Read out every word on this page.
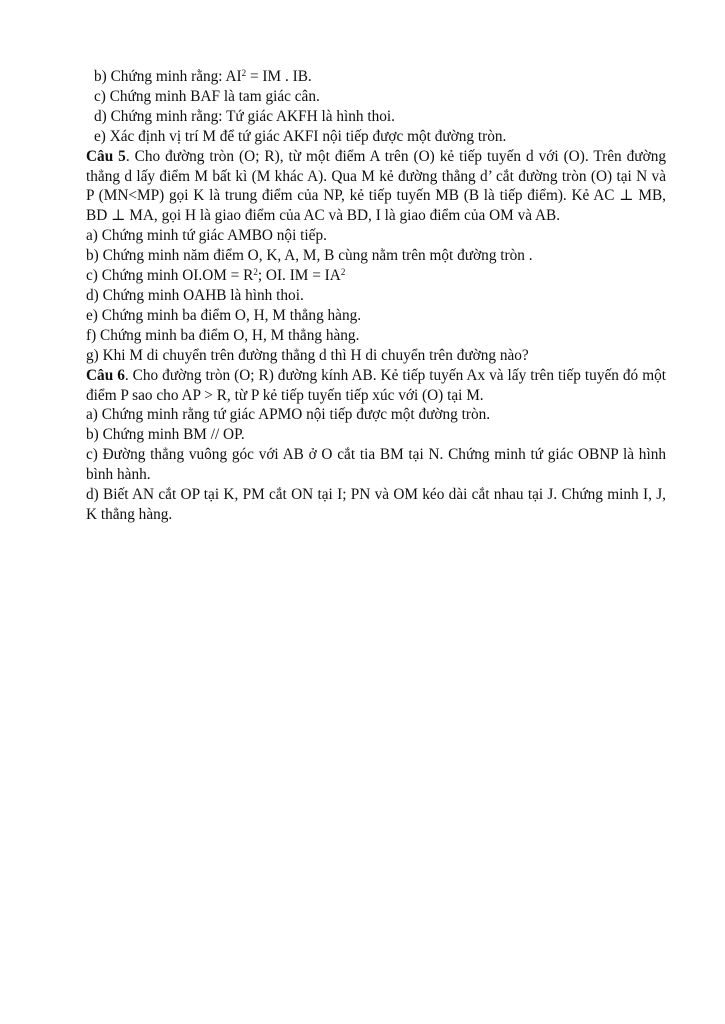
b) Chứng minh rằng: $AI^2$ = IM . IB.
c) Chứng minh BAF là tam giác cân.
d) Chứng minh rằng: Tứ giác AKFH là hình thoi.
e) Xác định vị trí M để tứ giác AKFI nội tiếp được một đường tròn.
Câu 5. Cho đường tròn (O; R), từ một điểm A trên (O) kẻ tiếp tuyến d với (O). Trên đường thẳng d lấy điểm M bất kì (M khác A). Qua M kẻ đường thẳng d’ cắt đường tròn (O) tại N và P (MN<MP) gọi K là trung điểm của NP, kẻ tiếp tuyến MB (B là tiếp điểm). Kẻ AC ⊥ MB, BD ⊥ MA, gọi H là giao điểm của AC và BD, I là giao điểm của OM và AB.
a) Chứng minh tứ giác AMBO nội tiếp.
b) Chứng minh năm điểm O, K, A, M, B cùng nằm trên một đường tròn .
c) Chứng minh $OI.OM = R^2$; OI. IM = $IA^2$
d) Chứng minh OAHB là hình thoi.
e) Chứng minh ba điểm O, H, M thẳng hàng.
f) Chứng minh ba điểm O, H, M thẳng hàng.
g) Khi M di chuyển trên đường thẳng d thì H di chuyển trên đường nào?
Câu 6. Cho đường tròn (O; R) đường kính AB. Kẻ tiếp tuyến Ax và lấy trên tiếp tuyến đó một điểm P sao cho AP > R, từ P kẻ tiếp tuyến tiếp xúc với (O) tại M.
a) Chứng minh rằng tứ giác APMO nội tiếp được một đường tròn.
b) Chứng minh BM // OP.
c) Đường thẳng vuông góc với AB ở O cắt tia BM tại N. Chứng minh tứ giác OBNP là hình bình hành.
d) Biết AN cắt OP tại K, PM cắt ON tại I; PN và OM kéo dài cắt nhau tại J. Chứng minh I, J, K thẳng hàng.
